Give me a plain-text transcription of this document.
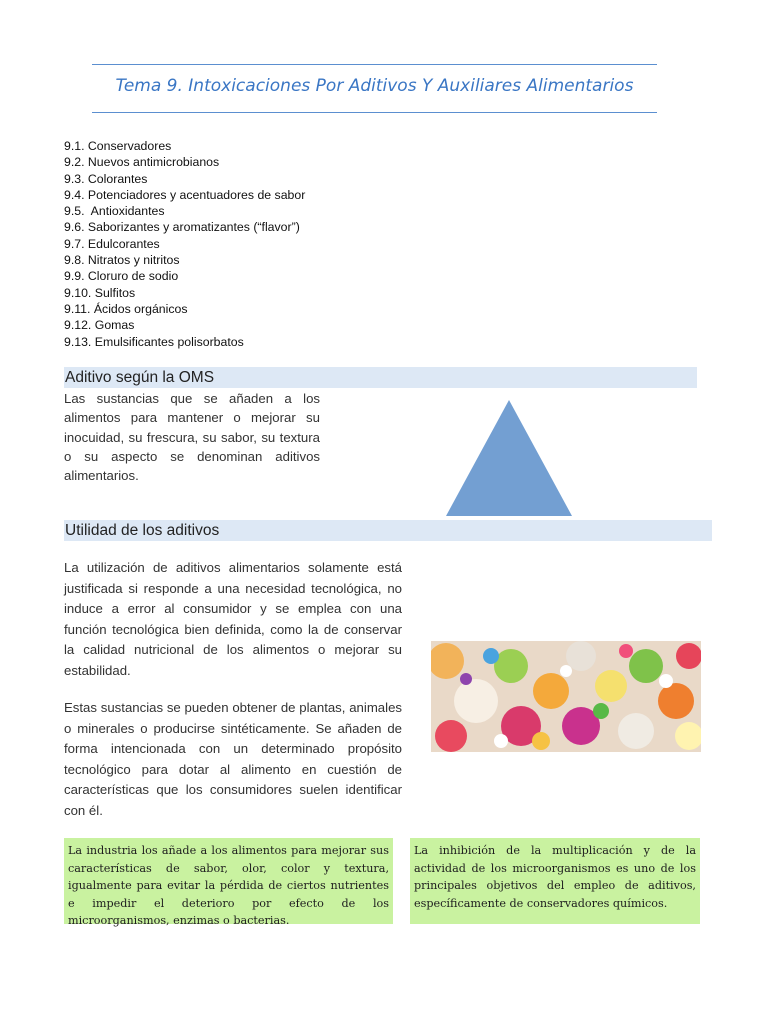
Tema 9. Intoxicaciones Por Aditivos Y Auxiliares Alimentarios
9.1. Conservadores
9.2. Nuevos antimicrobianos
9.3. Colorantes
9.4. Potenciadores y acentuadores de sabor
9.5.  Antioxidantes
9.6. Saborizantes y aromatizantes (“flavor”)
9.7. Edulcorantes
9.8. Nitratos y nitritos
9.9. Cloruro de sodio
9.10. Sulfitos
9.11. Ácidos orgánicos
9.12. Gomas
9.13. Emulsificantes polisorbatos
Aditivo según la OMS

Las sustancias que se añaden a los alimentos para mantener o mejorar su inocuidad, su frescura, su sabor, su textura o su aspecto se denominan aditivos alimentarios.

Utilidad de los aditivos

La utilización de aditivos alimentarios solamente está justificada si responde a una necesidad tecnológica, no induce a error al consumidor y se emplea con una función tecnológica bien definida, como la de conservar la calidad nutricional de los alimentos o mejorar su estabilidad.

Estas sustancias se pueden obtener de plantas, animales o minerales o producirse sintéticamente. Se añaden de forma intencionada con un determinado propósito tecnológico para dotar al alimento en cuestión de características que los consumidores suelen identificar con él.

La industria los añade a los alimentos para mejorar sus características de sabor, olor, color y textura, igualmente para evitar la pérdida de ciertos nutrientes e impedir el deterioro por efecto de los microorganismos, enzimas o bacterias.

La inhibición de la multiplicación y de la actividad de los microorganismos es uno de los principales objetivos del empleo de aditivos, específicamente de conservadores químicos.
